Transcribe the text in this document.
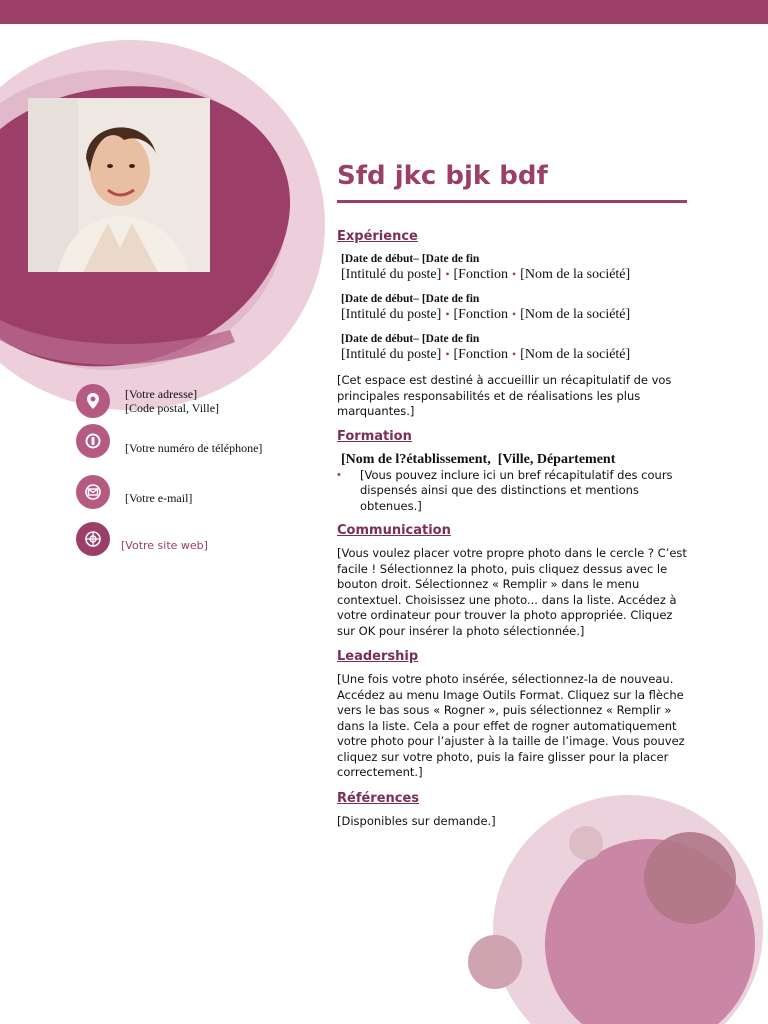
[Votre adresse]
[Code postal, Ville]
[Votre numéro de téléphone]
[Votre e-mail]
[Votre site web]
Sfd jkc bjk bdf
Expérience

[Date de début– [Date de fin

[Intitulé du poste] • [Fonction • [Nom de la société]

[Date de début– [Date de fin

[Intitulé du poste] • [Fonction • [Nom de la société]

[Date de début– [Date de fin

[Intitulé du poste] • [Fonction • [Nom de la société]

[Cet espace est destiné à accueillir un récapitulatif de vos principales responsabilités et de réalisations les plus marquantes.]

Formation

[Nom de l?établissement, [Ville, Département

•	[Vous pouvez inclure ici un bref récapitulatif des cours dispensés ainsi que des distinctions et mentions obtenues.]

Communication

[Vous voulez placer votre propre photo dans le cercle ? C’est facile ! Sélectionnez la photo, puis cliquez dessus avec le bouton droit. Sélectionnez « Remplir » dans le menu contextuel. Choisissez une photo... dans la liste. Accédez à votre ordinateur pour trouver la photo appropriée. Cliquez sur OK pour insérer la photo sélectionnée.]

Leadership

[Une fois votre photo insérée, sélectionnez-la de nouveau. Accédez au menu Image Outils Format. Cliquez sur la flèche vers le bas sous « Rogner », puis sélectionnez « Remplir » dans la liste. Cela a pour effet de rogner automatiquement votre photo pour l’ajuster à la taille de l’image. Vous pouvez cliquez sur votre photo, puis la faire glisser pour la placer correctement.]

Références

[Disponibles sur demande.]
